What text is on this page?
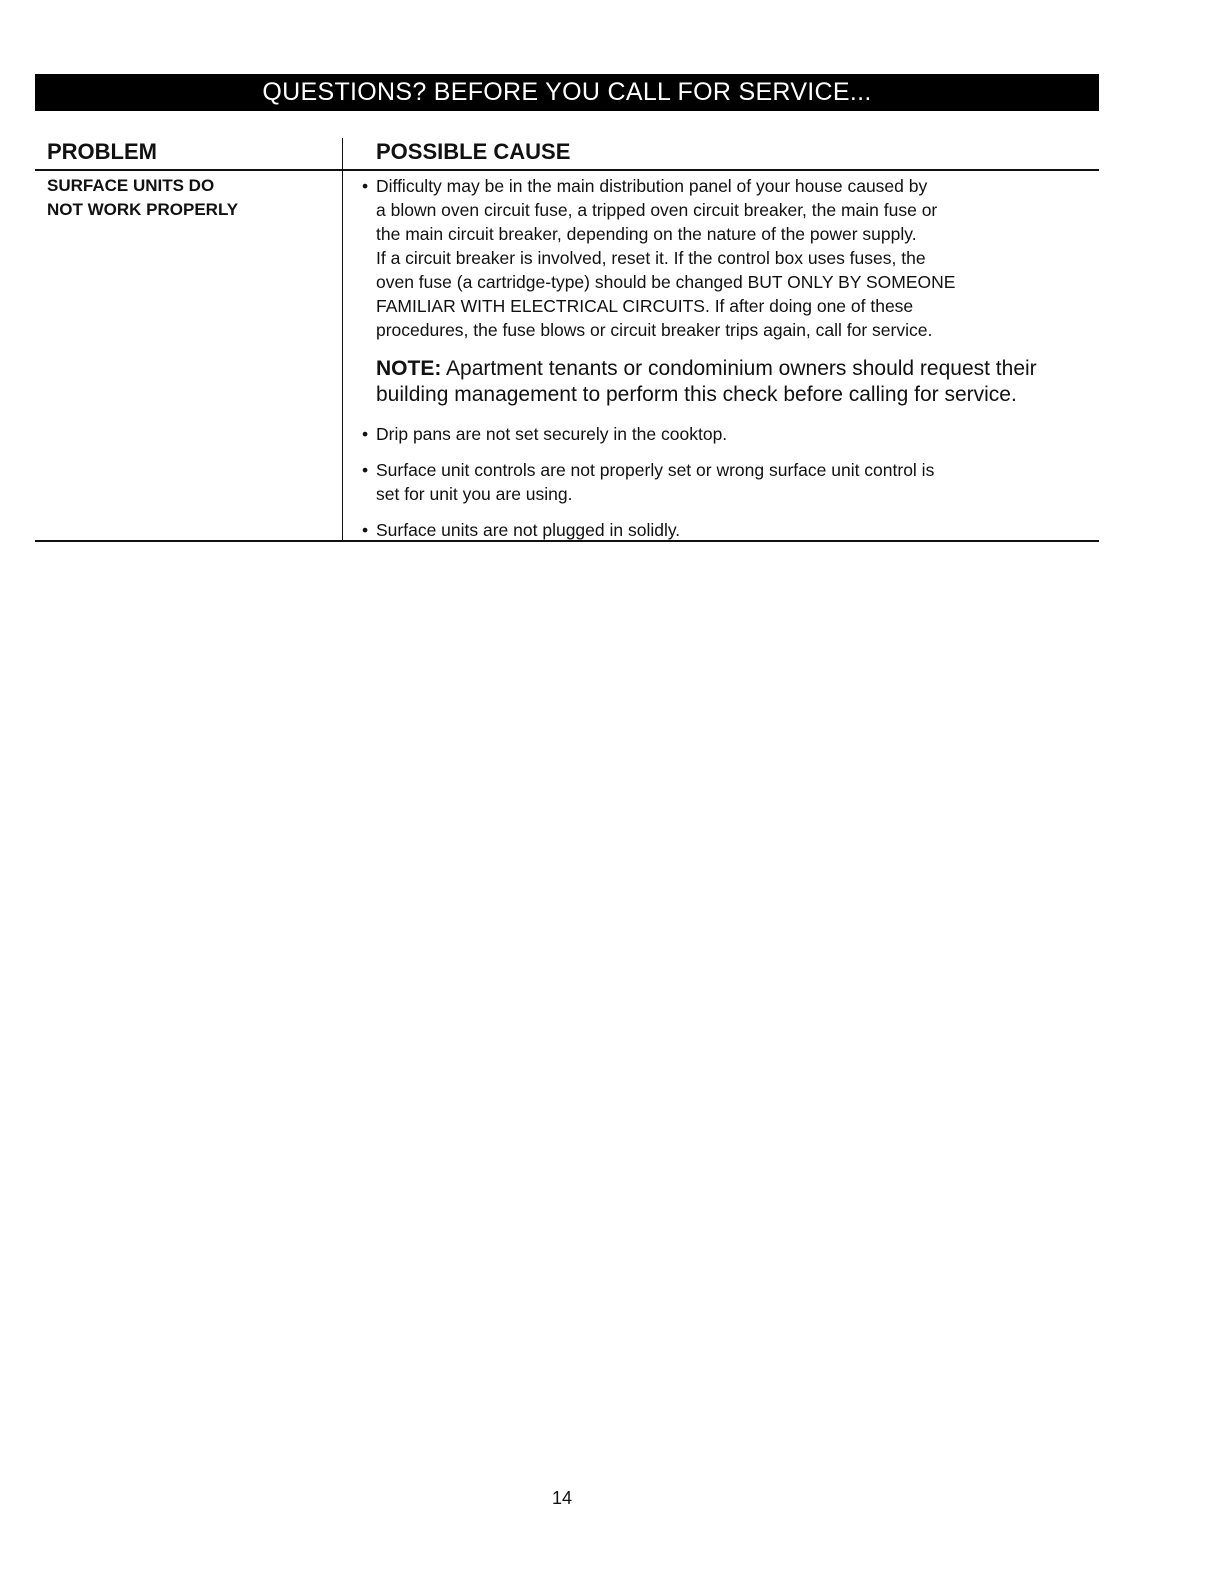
QUESTIONS? BEFORE YOU CALL FOR SERVICE...
PROBLEM	POSSIBLE CAUSE
SURFACE UNITS DO
NOT WORK PROPERLY
• Difficulty may be in the main distribution panel of your house caused by
a blown oven circuit fuse, a tripped oven circuit breaker, the main fuse or
the main circuit breaker, depending on the nature of the power supply.
If a circuit breaker is involved, reset it. If the control box uses fuses, the
oven fuse (a cartridge-type) should be changed BUT ONLY BY SOMEONE
FAMILIAR WITH ELECTRICAL CIRCUITS. If after doing one of these
procedures, the fuse blows or circuit breaker trips again, call for service.
NOTE: Apartment tenants or condominium owners should request their
building management to perform this check before calling for service.
• Drip pans are not set securely in the cooktop.
• Surface unit controls are not properly set or wrong surface unit control is
set for unit you are using.
• Surface units are not plugged in solidly.
14
